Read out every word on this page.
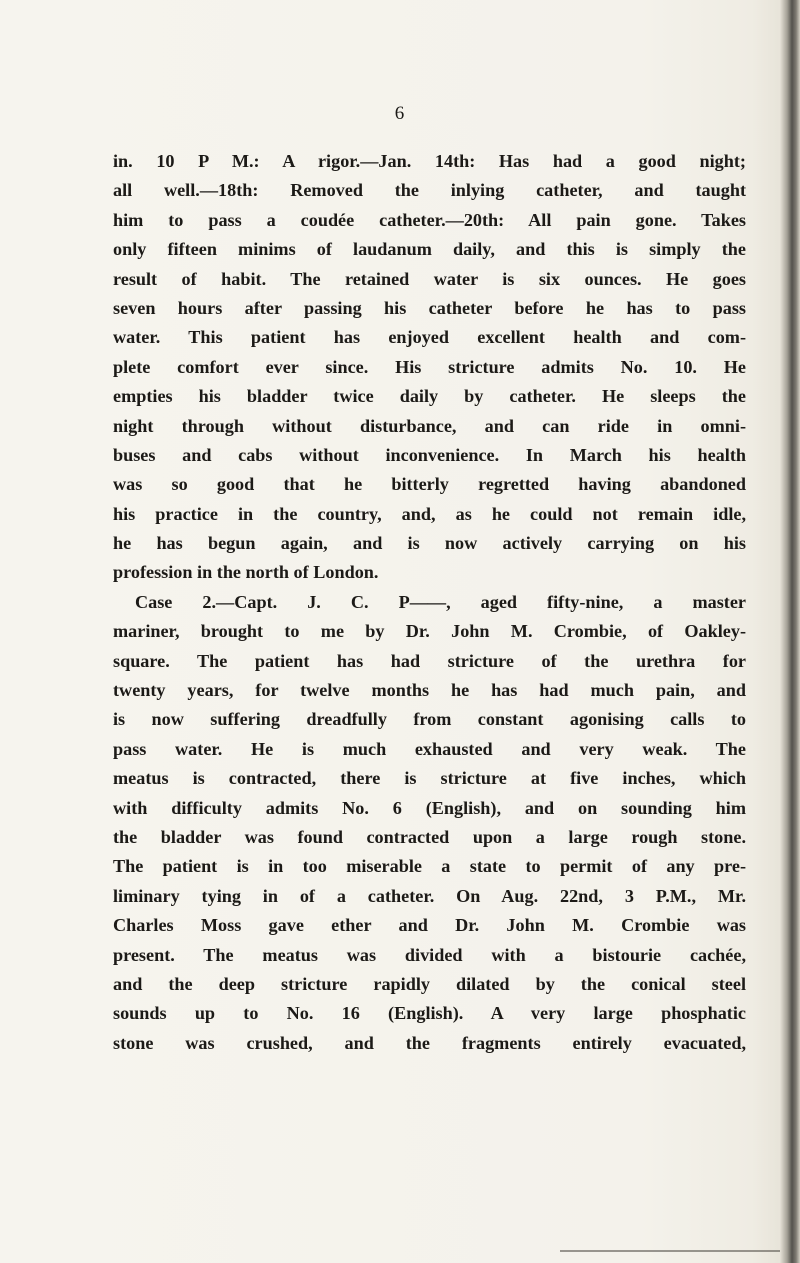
6
in. 10 P M.: A rigor.—Jan. 14th: Has had a good night;
all well.—18th: Removed the inlying catheter, and taught
him to pass a coudée catheter.—20th: All pain gone. Takes
only fifteen minims of laudanum daily, and this is simply the
result of habit. The retained water is six ounces. He goes
seven hours after passing his catheter before he has to pass
water. This patient has enjoyed excellent health and com-
plete comfort ever since. His stricture admits No. 10. He
empties his bladder twice daily by catheter. He sleeps the
night through without disturbance, and can ride in omni-
buses and cabs without inconvenience. In March his health
was so good that he bitterly regretted having abandoned
his practice in the country, and, as he could not remain idle,
he has begun again, and is now actively carrying on his
profession in the north of London.
Case 2.—Capt. J. C. P——, aged fifty-nine, a master
mariner, brought to me by Dr. John M. Crombie, of Oakley-
square. The patient has had stricture of the urethra for
twenty years, for twelve months he has had much pain, and
is now suffering dreadfully from constant agonising calls to
pass water. He is much exhausted and very weak. The
meatus is contracted, there is stricture at five inches, which
with difficulty admits No. 6 (English), and on sounding him
the bladder was found contracted upon a large rough stone.
The patient is in too miserable a state to permit of any pre-
liminary tying in of a catheter. On Aug. 22nd, 3 P.M., Mr.
Charles Moss gave ether and Dr. John M. Crombie was
present. The meatus was divided with a bistourie cachée,
and the deep stricture rapidly dilated by the conical steel
sounds up to No. 16 (English). A very large phosphatic
stone was crushed, and the fragments entirely evacuated,
